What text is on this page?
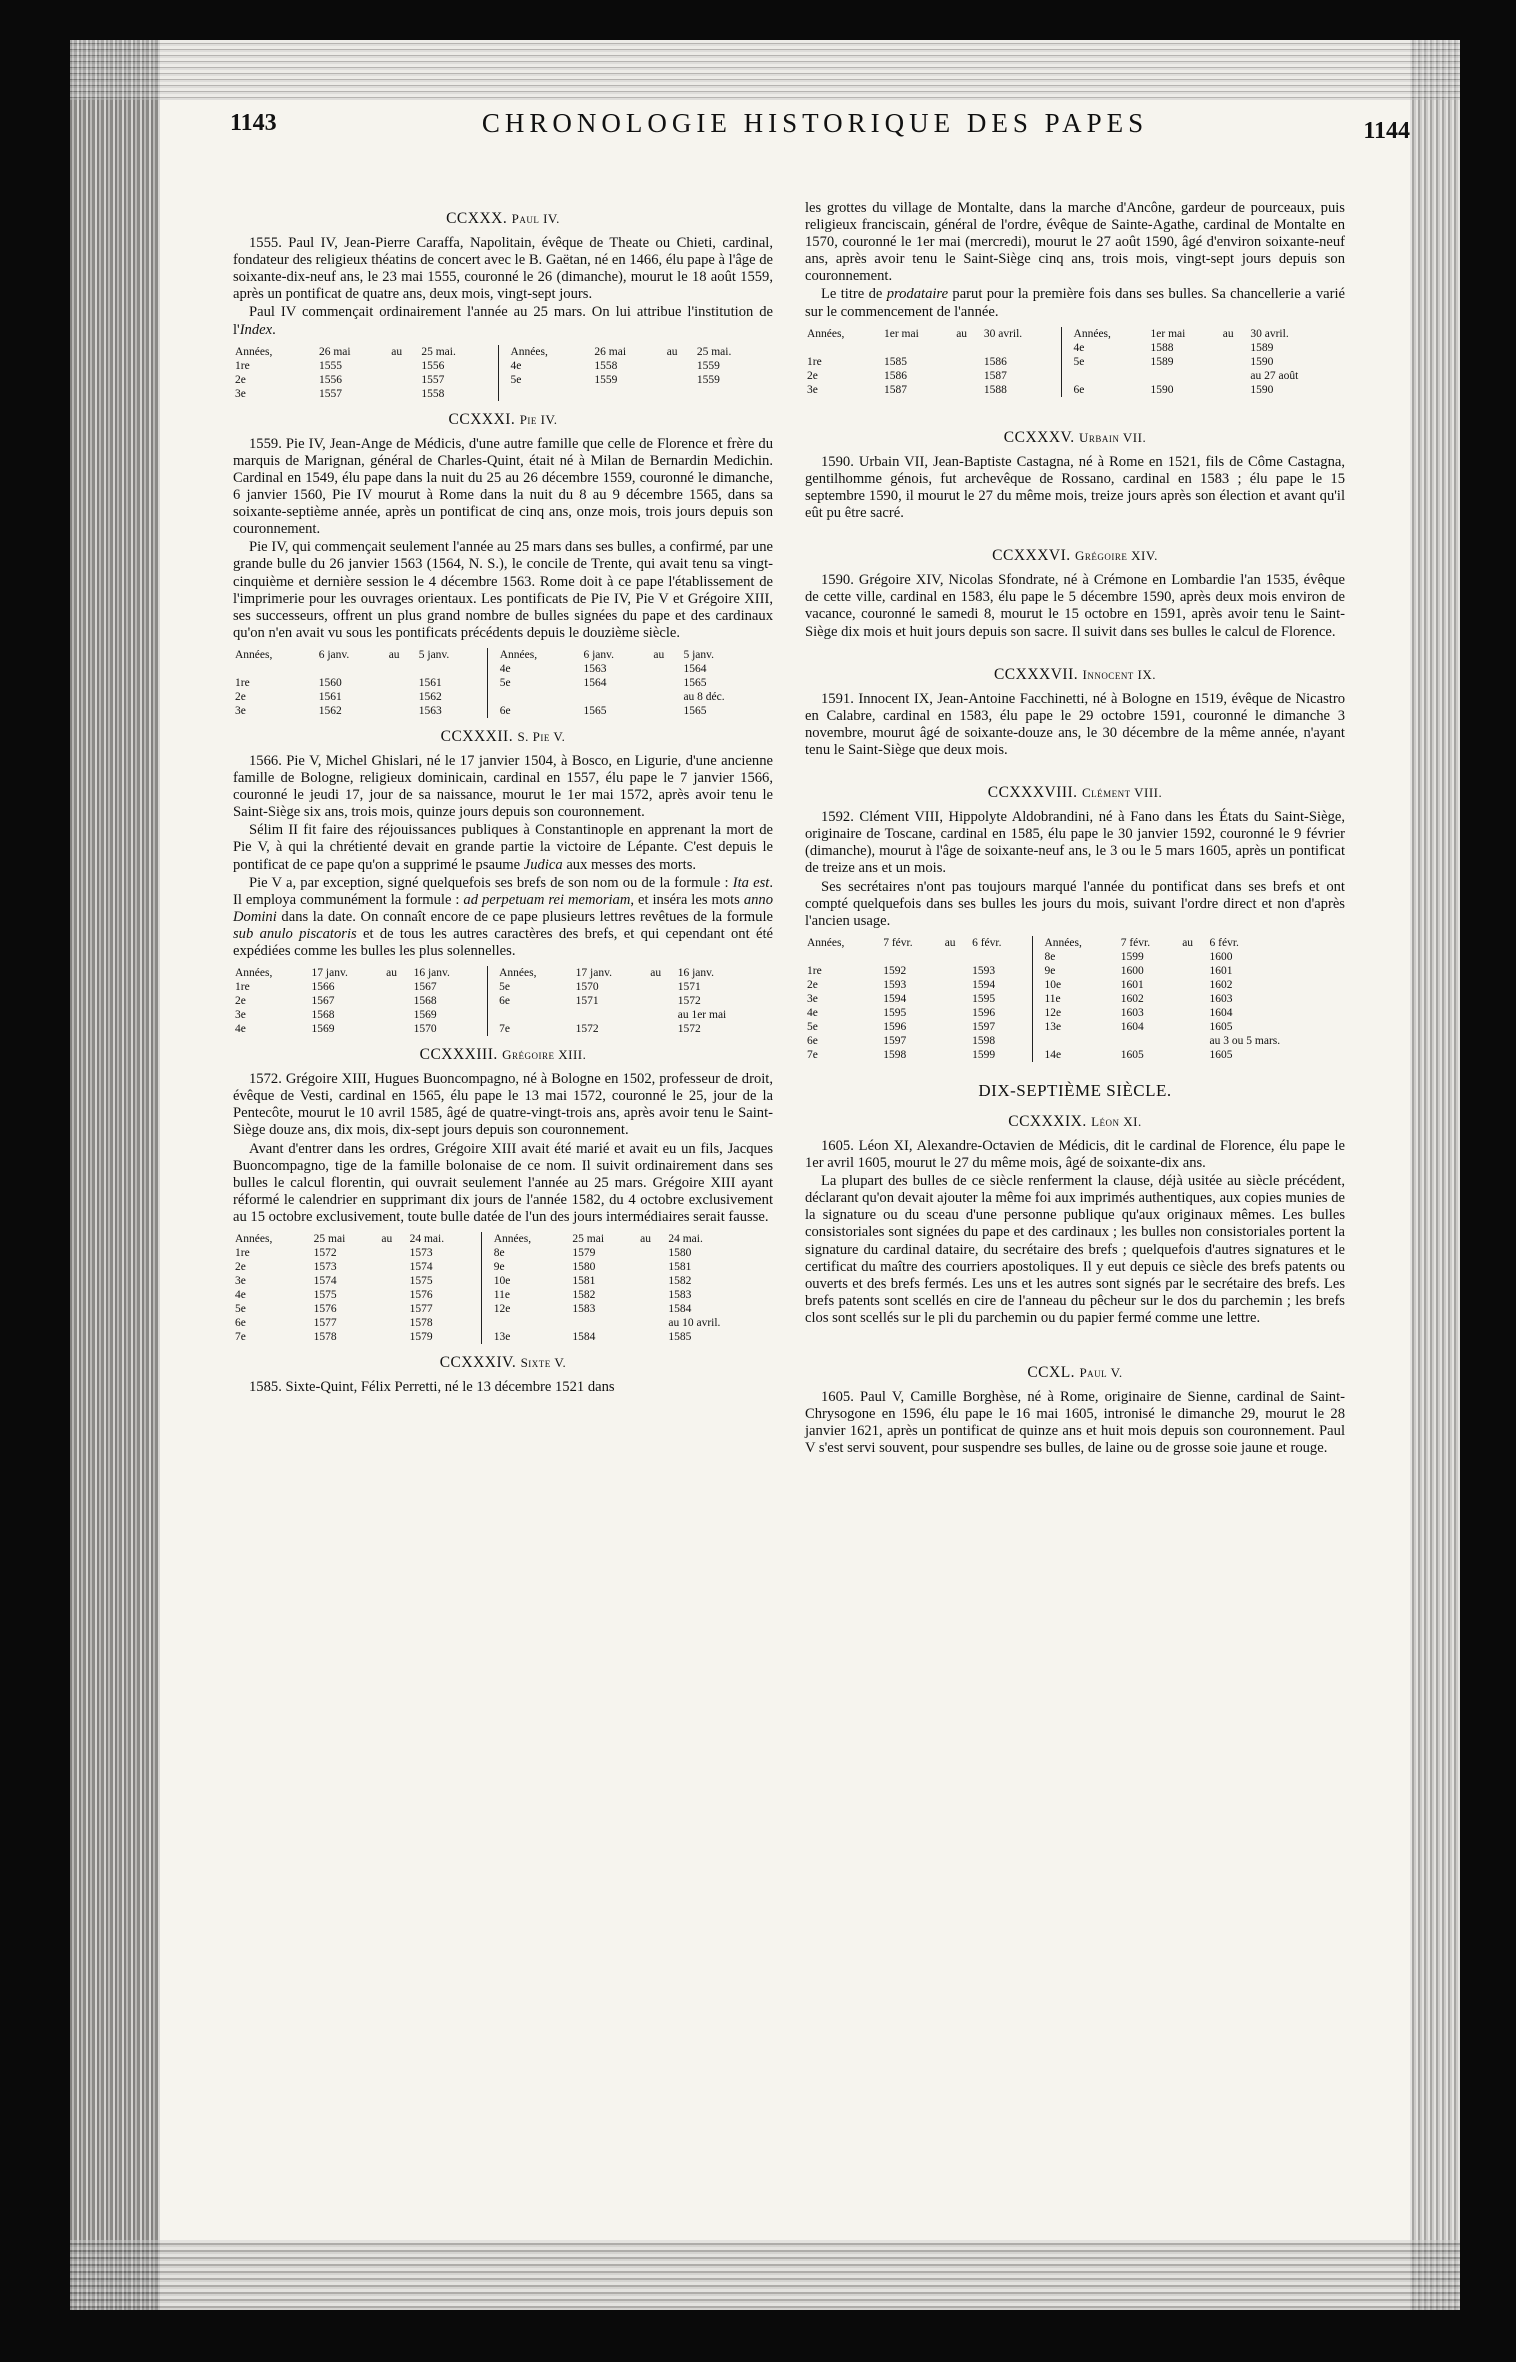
1143	CHRONOLOGIE HISTORIQUE DES PAPES	1144
CCXXX. Paul IV.

1555. Paul IV, Jean-Pierre Caraffa, Napolitain, évêque de Theate ou Chieti, cardinal, fondateur des religieux théatins de concert avec le B. Gaëtan, né en 1466, élu pape à l'âge de soixante-dix-neuf ans, le 23 mai 1555, couronné le 26 (dimanche), mourut le 18 août 1559, après un pontificat de quatre ans, deux mois, vingt-sept jours.

Paul IV commençait ordinairement l'année au 25 mars. On lui attribue l'institution de l'Index.

Années,	26 mai	au	25 mai.		Années,	26 mai	au	25 mai.
1re	1555		1556		4e	1558		1559
2e	1556		1557		5e	1559		1559
3e	1557		1558					
CCXXXI. Pie IV.

1559. Pie IV, Jean-Ange de Médicis, d'une autre famille que celle de Florence et frère du marquis de Marignan, général de Charles-Quint, était né à Milan de Bernardin Medichin. Cardinal en 1549, élu pape dans la nuit du 25 au 26 décembre 1559, couronné le dimanche, 6 janvier 1560, Pie IV mourut à Rome dans la nuit du 8 au 9 décembre 1565, dans sa soixante-septième année, après un pontificat de cinq ans, onze mois, trois jours depuis son couronnement.

Pie IV, qui commençait seulement l'année au 25 mars dans ses bulles, a confirmé, par une grande bulle du 26 janvier 1563 (1564, N. S.), le concile de Trente, qui avait tenu sa vingt-cinquième et dernière session le 4 décembre 1563. Rome doit à ce pape l'établissement de l'imprimerie pour les ouvrages orientaux. Les pontificats de Pie IV, Pie V et Grégoire XIII, ses successeurs, offrent un plus grand nombre de bulles signées du pape et des cardinaux qu'on n'en avait vu sous les pontificats précédents depuis le douzième siècle.

Années,	6 janv.	au	5 janv.		Années,	6 janv.	au	5 janv.
					4e	1563		1564
1re	1560		1561		5e	1564		1565
2e	1561		1562					au 8 déc.
3e	1562		1563		6e	1565		1565
CCXXXII. S. Pie V.

1566. Pie V, Michel Ghislari, né le 17 janvier 1504, à Bosco, en Ligurie, d'une ancienne famille de Bologne, religieux dominicain, cardinal en 1557, élu pape le 7 janvier 1566, couronné le jeudi 17, jour de sa naissance, mourut le 1er mai 1572, après avoir tenu le Saint-Siège six ans, trois mois, quinze jours depuis son couronnement.

Sélim II fit faire des réjouissances publiques à Constantinople en apprenant la mort de Pie V, à qui la chrétienté devait en grande partie la victoire de Lépante. C'est depuis le pontificat de ce pape qu'on a supprimé le psaume Judica aux messes des morts.

Pie V a, par exception, signé quelquefois ses brefs de son nom ou de la formule : Ita est. Il employa communément la formule : ad perpetuam rei memoriam, et inséra les mots anno Domini dans la date. On connaît encore de ce pape plusieurs lettres revêtues de la formule sub anulo piscatoris et de tous les autres caractères des brefs, et qui cependant ont été expédiées comme les bulles les plus solennelles.

Années,	17 janv.	au	16 janv.		Années,	17 janv.	au	16 janv.
1re	1566		1567		5e	1570		1571
2e	1567		1568		6e	1571		1572
3e	1568		1569					au 1er mai
4e	1569		1570		7e	1572		1572
CCXXXIII. Grégoire XIII.

1572. Grégoire XIII, Hugues Buoncompagno, né à Bologne en 1502, professeur de droit, évêque de Vesti, cardinal en 1565, élu pape le 13 mai 1572, couronné le 25, jour de la Pentecôte, mourut le 10 avril 1585, âgé de quatre-vingt-trois ans, après avoir tenu le Saint-Siège douze ans, dix mois, dix-sept jours depuis son couronnement.

Avant d'entrer dans les ordres, Grégoire XIII avait été marié et avait eu un fils, Jacques Buoncompagno, tige de la famille bolonaise de ce nom. Il suivit ordinairement dans ses bulles le calcul florentin, qui ouvrait seulement l'année au 25 mars. Grégoire XIII ayant réformé le calendrier en supprimant dix jours de l'année 1582, du 4 octobre exclusivement au 15 octobre exclusivement, toute bulle datée de l'un des jours intermédiaires serait fausse.

Années,	25 mai	au	24 mai.		Années,	25 mai	au	24 mai.
1re	1572		1573		8e	1579		1580
2e	1573		1574		9e	1580		1581
3e	1574		1575		10e	1581		1582
4e	1575		1576		11e	1582		1583
5e	1576		1577		12e	1583		1584
6e	1577		1578					au 10 avril.
7e	1578		1579		13e	1584		1585
CCXXXIV. Sixte V.

1585. Sixte-Quint, Félix Perretti, né le 13 décembre 1521 dans

les grottes du village de Montalte, dans la marche d'Ancône, gardeur de pourceaux, puis religieux franciscain, général de l'ordre, évêque de Sainte-Agathe, cardinal de Montalte en 1570, couronné le 1er mai (mercredi), mourut le 27 août 1590, âgé d'environ soixante-neuf ans, après avoir tenu le Saint-Siège cinq ans, trois mois, vingt-sept jours depuis son couronnement.

Le titre de prodataire parut pour la première fois dans ses bulles. Sa chancellerie a varié sur le commencement de l'année.

Années,	1er mai	au	30 avril.		Années,	1er mai	au	30 avril.
					4e	1588		1589
1re	1585		1586		5e	1589		1590
2e	1586		1587					au 27 août
3e	1587		1588		6e	1590		1590
CCXXXV. Urbain VII.

1590. Urbain VII, Jean-Baptiste Castagna, né à Rome en 1521, fils de Côme Castagna, gentilhomme génois, fut archevêque de Rossano, cardinal en 1583 ; élu pape le 15 septembre 1590, il mourut le 27 du même mois, treize jours après son élection et avant qu'il eût pu être sacré.

CCXXXVI. Grégoire XIV.

1590. Grégoire XIV, Nicolas Sfondrate, né à Crémone en Lombardie l'an 1535, évêque de cette ville, cardinal en 1583, élu pape le 5 décembre 1590, après deux mois environ de vacance, couronné le samedi 8, mourut le 15 octobre en 1591, après avoir tenu le Saint-Siège dix mois et huit jours depuis son sacre. Il suivit dans ses bulles le calcul de Florence.

CCXXXVII. Innocent IX.

1591. Innocent IX, Jean-Antoine Facchinetti, né à Bologne en 1519, évêque de Nicastro en Calabre, cardinal en 1583, élu pape le 29 octobre 1591, couronné le dimanche 3 novembre, mourut âgé de soixante-douze ans, le 30 décembre de la même année, n'ayant tenu le Saint-Siège que deux mois.

CCXXXVIII. Clément VIII.

1592. Clément VIII, Hippolyte Aldobrandini, né à Fano dans les États du Saint-Siège, originaire de Toscane, cardinal en 1585, élu pape le 30 janvier 1592, couronné le 9 février (dimanche), mourut à l'âge de soixante-neuf ans, le 3 ou le 5 mars 1605, après un pontificat de treize ans et un mois.

Ses secrétaires n'ont pas toujours marqué l'année du pontificat dans ses brefs et ont compté quelquefois dans ses bulles les jours du mois, suivant l'ordre direct et non d'après l'ancien usage.

Années,	7 févr.	au	6 févr.		Années,	7 févr.	au	6 févr.
					8e	1599		1600
1re	1592		1593		9e	1600		1601
2e	1593		1594		10e	1601		1602
3e	1594		1595		11e	1602		1603
4e	1595		1596		12e	1603		1604
5e	1596		1597		13e	1604		1605
6e	1597		1598					au 3 ou 5 mars.
7e	1598		1599		14e	1605		1605
DIX-SEPTIÈME SIÈCLE.
CCXXXIX. Léon XI.

1605. Léon XI, Alexandre-Octavien de Médicis, dit le cardinal de Florence, élu pape le 1er avril 1605, mourut le 27 du même mois, âgé de soixante-dix ans.

La plupart des bulles de ce siècle renferment la clause, déjà usitée au siècle précédent, déclarant qu'on devait ajouter la même foi aux imprimés authentiques, aux copies munies de la signature ou du sceau d'une personne publique qu'aux originaux mêmes. Les bulles consistoriales sont signées du pape et des cardinaux ; les bulles non consistoriales portent la signature du cardinal dataire, du secrétaire des brefs ; quelquefois d'autres signatures et le certificat du maître des courriers apostoliques. Il y eut depuis ce siècle des brefs patents ou ouverts et des brefs fermés. Les uns et les autres sont signés par le secrétaire des brefs. Les brefs patents sont scellés en cire de l'anneau du pêcheur sur le dos du parchemin ; les brefs clos sont scellés sur le pli du parchemin ou du papier fermé comme une lettre.

CCXL. Paul V.

1605. Paul V, Camille Borghèse, né à Rome, originaire de Sienne, cardinal de Saint-Chrysogone en 1596, élu pape le 16 mai 1605, intronisé le dimanche 29, mourut le 28 janvier 1621, après un pontificat de quinze ans et huit mois depuis son couronnement. Paul V s'est servi souvent, pour suspendre ses bulles, de laine ou de grosse soie jaune et rouge.
